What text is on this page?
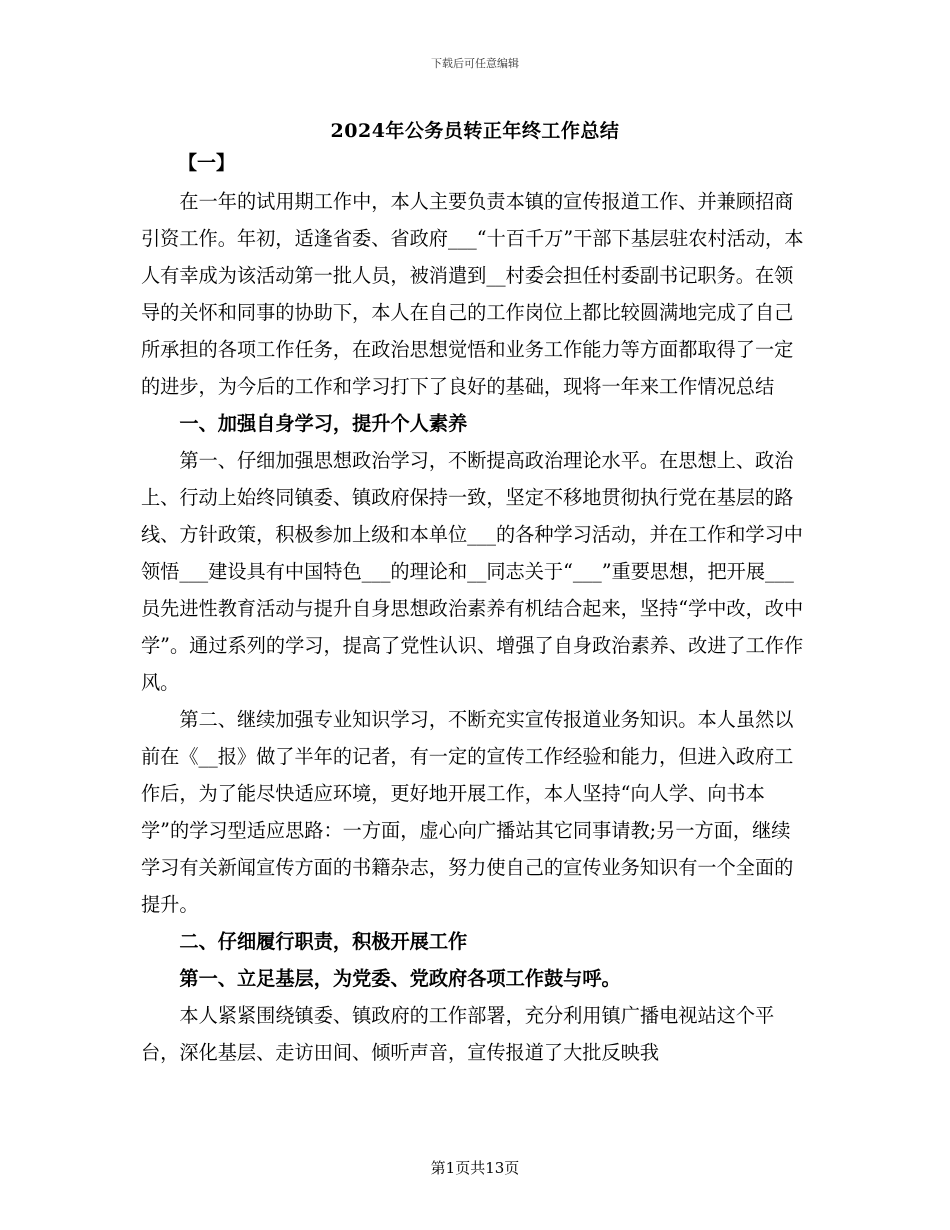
下载后可任意编辑
2024年公务员转正年终工作总结
【一】

在一年的试用期工作中，本人主要负责本镇的宣传报道工作、并兼顾招商引资工作。年初，适逢省委、省政府___“十百千万”干部下基层驻农村活动，本人有幸成为该活动第一批人员，被消遣到__村委会担任村委副书记职务。在领导的关怀和同事的协助下，本人在自己的工作岗位上都比较圆满地完成了自己所承担的各项工作任务，在政治思想觉悟和业务工作能力等方面都取得了一定的进步，为今后的工作和学习打下了良好的基础，现将一年来工作情况总结

一、加强自身学习，提升个人素养

第一、仔细加强思想政治学习，不断提高政治理论水平。在思想上、政治上、行动上始终同镇委、镇政府保持一致，坚定不移地贯彻执行党在基层的路线、方针政策，积极参加上级和本单位___的各种学习活动，并在工作和学习中领悟___建设具有中国特色___的理论和__同志关于“___”重要思想，把开展___员先进性教育活动与提升自身思想政治素养有机结合起来，坚持“学中改，改中学”。通过系列的学习，提高了党性认识、增强了自身政治素养、改进了工作作风。

第二、继续加强专业知识学习，不断充实宣传报道业务知识。本人虽然以前在《__报》做了半年的记者，有一定的宣传工作经验和能力，但进入政府工作后，为了能尽快适应环境，更好地开展工作，本人坚持“向人学、向书本学”的学习型适应思路：一方面，虚心向广播站其它同事请教;另一方面，继续学习有关新闻宣传方面的书籍杂志，努力使自己的宣传业务知识有一个全面的提升。

二、仔细履行职责，积极开展工作

第一、立足基层，为党委、党政府各项工作鼓与呼。

本人紧紧围绕镇委、镇政府的工作部署，充分利用镇广播电视站这个平台，深化基层、走访田间、倾听声音，宣传报道了大批反映我

第1页共13页
